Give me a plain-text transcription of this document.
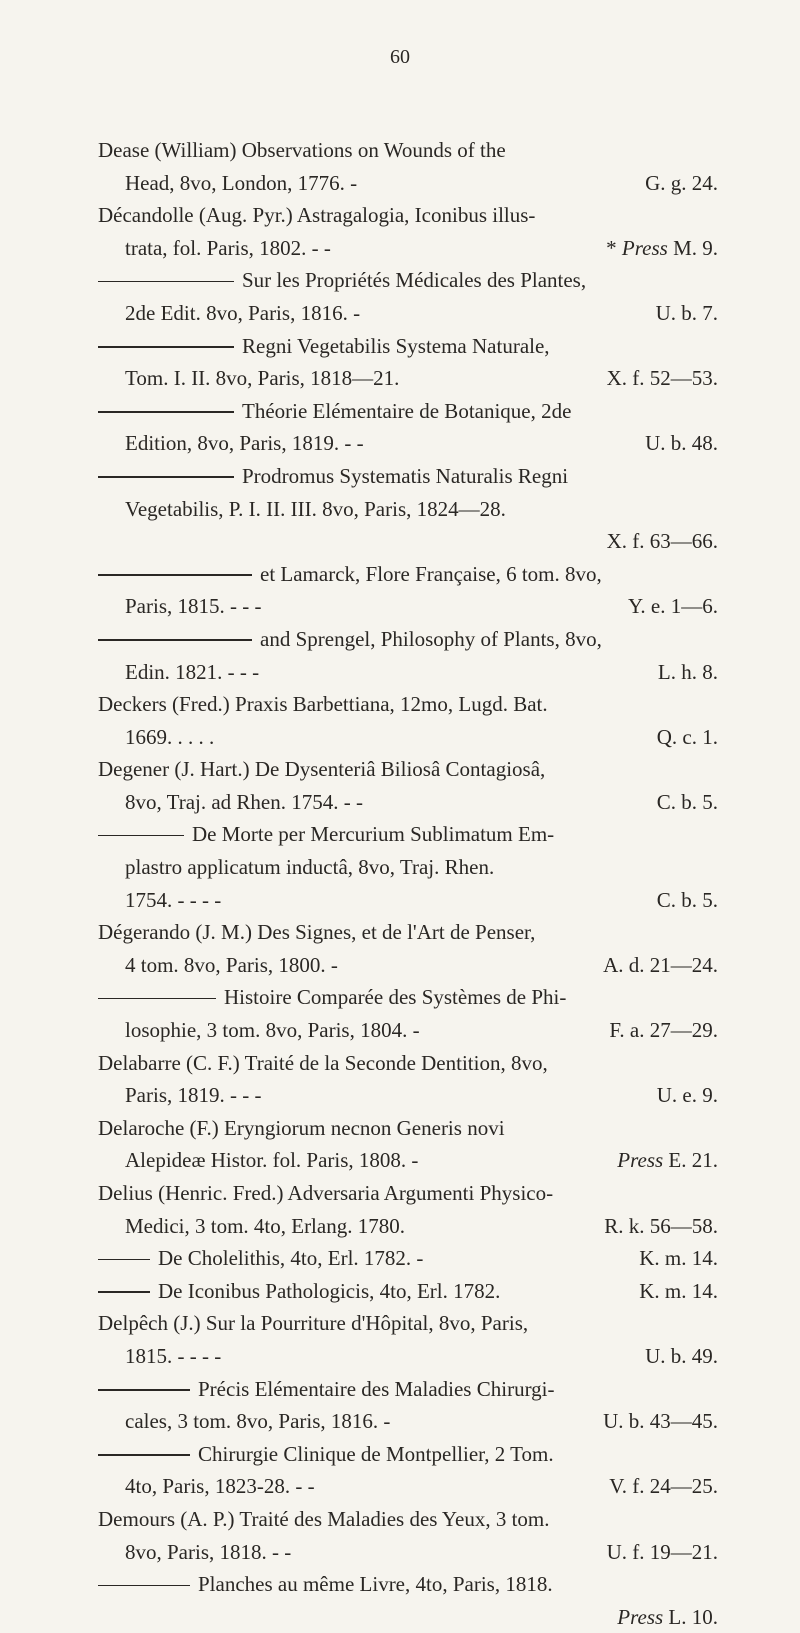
60
Dease (William) Observations on Wounds of the
Head, 8vo, London, 1776. -	G. g. 24.
Décandolle (Aug. Pyr.) Astragalogia, Iconibus illus-
trata, fol. Paris, 1802. - -	* Press M. 9.
Sur les Propriétés Médicales des Plantes,
2de Edit. 8vo, Paris, 1816. -	U. b. 7.
Regni Vegetabilis Systema Naturale,
Tom. I. II. 8vo, Paris, 1818—21.	X. f. 52—53.
Théorie Elémentaire de Botanique, 2de
Edition, 8vo, Paris, 1819. - -	U. b. 48.
Prodromus Systematis Naturalis Regni
Vegetabilis, P. I. II. III. 8vo, Paris, 1824—28.
X. f. 63—66.
et Lamarck, Flore Française, 6 tom. 8vo,
Paris, 1815. - - -	Y. e. 1—6.
and Sprengel, Philosophy of Plants, 8vo,
Edin. 1821. - - -	L. h. 8.
Deckers (Fred.) Praxis Barbettiana, 12mo, Lugd. Bat.
1669. . . . .	Q. c. 1.
Degener (J. Hart.) De Dysenteriâ Biliosâ Contagiosâ,
8vo, Traj. ad Rhen. 1754. - -	C. b. 5.
De Morte per Mercurium Sublimatum Em-
plastro applicatum inductâ, 8vo, Traj. Rhen.
1754. - - - -	C. b. 5.
Dégerando (J. M.) Des Signes, et de l'Art de Penser,
4 tom. 8vo, Paris, 1800. -	A. d. 21—24.
Histoire Comparée des Systèmes de Phi-
losophie, 3 tom. 8vo, Paris, 1804. -	F. a. 27—29.
Delabarre (C. F.) Traité de la Seconde Dentition, 8vo,
Paris, 1819. - - -	U. e. 9.
Delaroche (F.) Eryngiorum necnon Generis novi
Alepideæ Histor. fol. Paris, 1808. -	Press E. 21.
Delius (Henric. Fred.) Adversaria Argumenti Physico-
Medici, 3 tom. 4to, Erlang. 1780.	R. k. 56—58.
De Cholelithis, 4to, Erl. 1782. -	K. m. 14.
De Iconibus Pathologicis, 4to, Erl. 1782.	K. m. 14.
Delpêch (J.) Sur la Pourriture d'Hôpital, 8vo, Paris,
1815. - - - -	U. b. 49.
Précis Elémentaire des Maladies Chirurgi-
cales, 3 tom. 8vo, Paris, 1816. -	U. b. 43—45.
Chirurgie Clinique de Montpellier, 2 Tom.
4to, Paris, 1823-28. - -	V. f. 24—25.
Demours (A. P.) Traité des Maladies des Yeux, 3 tom.
8vo, Paris, 1818. - -	U. f. 19—21.
Planches au même Livre, 4to, Paris, 1818.
Press L. 10.
